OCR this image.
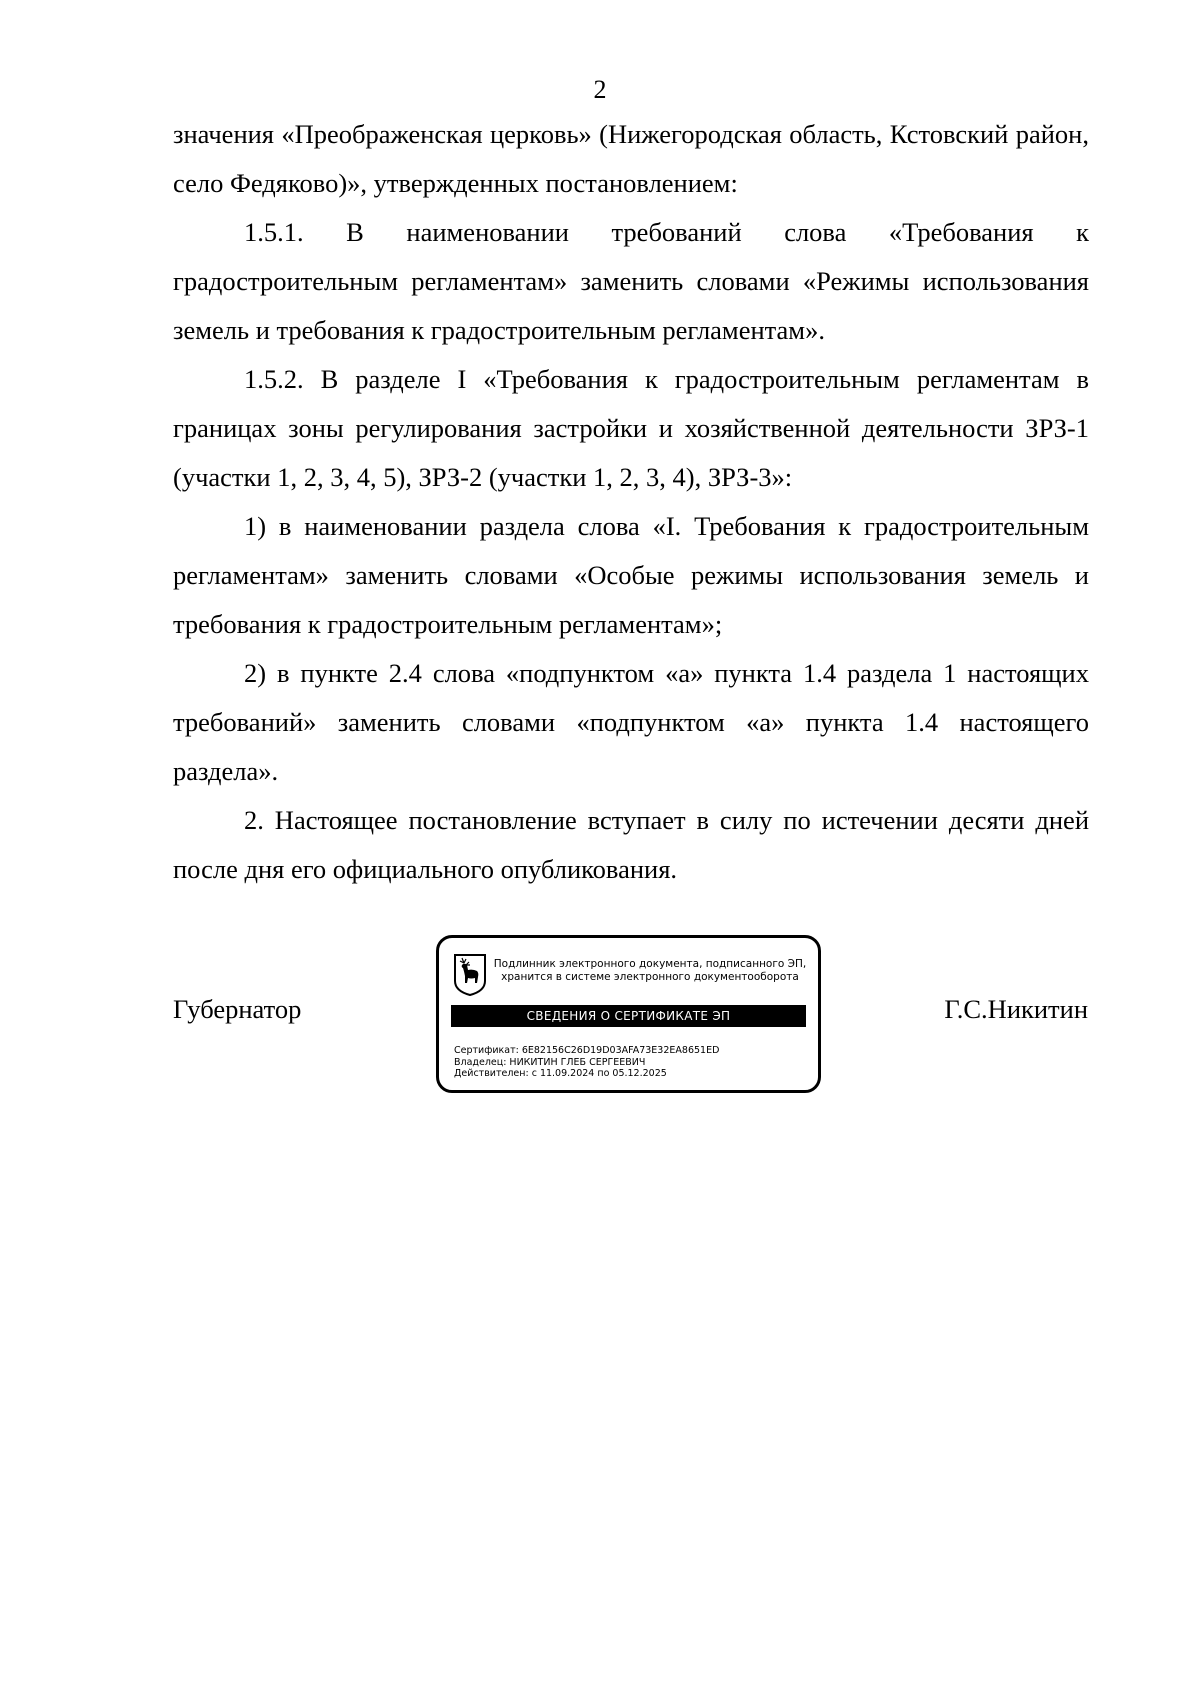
2

значения «Преображенская церковь» (Нижегородская область, Кстовский район, село Федяково)», утвержденных постановлением:

1.5.1. В наименовании требований слова «Требования к градостроительным регламентам» заменить словами «Режимы использования земель и требования к градостроительным регламентам».

1.5.2. В разделе I «Требования к градостроительным регламентам в границах зоны регулирования застройки и хозяйственной деятельности ЗРЗ-1 (участки 1, 2, 3, 4, 5), ЗРЗ-2 (участки 1, 2, 3, 4), ЗРЗ-3»:

1) в наименовании раздела слова «I. Требования к градостроительным регламентам» заменить словами «Особые режимы использования земель и требования к градостроительным регламентам»;

2) в пункте 2.4 слова «подпунктом «а» пункта 1.4 раздела 1 настоящих требований» заменить словами «подпунктом «а» пункта 1.4 настоящего раздела».

2. Настоящее постановление вступает в силу по истечении десяти дней после дня его официального опубликования.

Губернатор
Подлинник электронного документа, подписанного ЭП,
хранится в системе электронного документооборота
СВЕДЕНИЯ О СЕРТИФИКАТЕ ЭП
Сертификат: 6E82156C26D19D03AFA73E32EA8651ED
Владелец: НИКИТИН ГЛЕБ СЕРГЕЕВИЧ
Действителен: с 11.09.2024 по 05.12.2025
Г.С.Никитин
